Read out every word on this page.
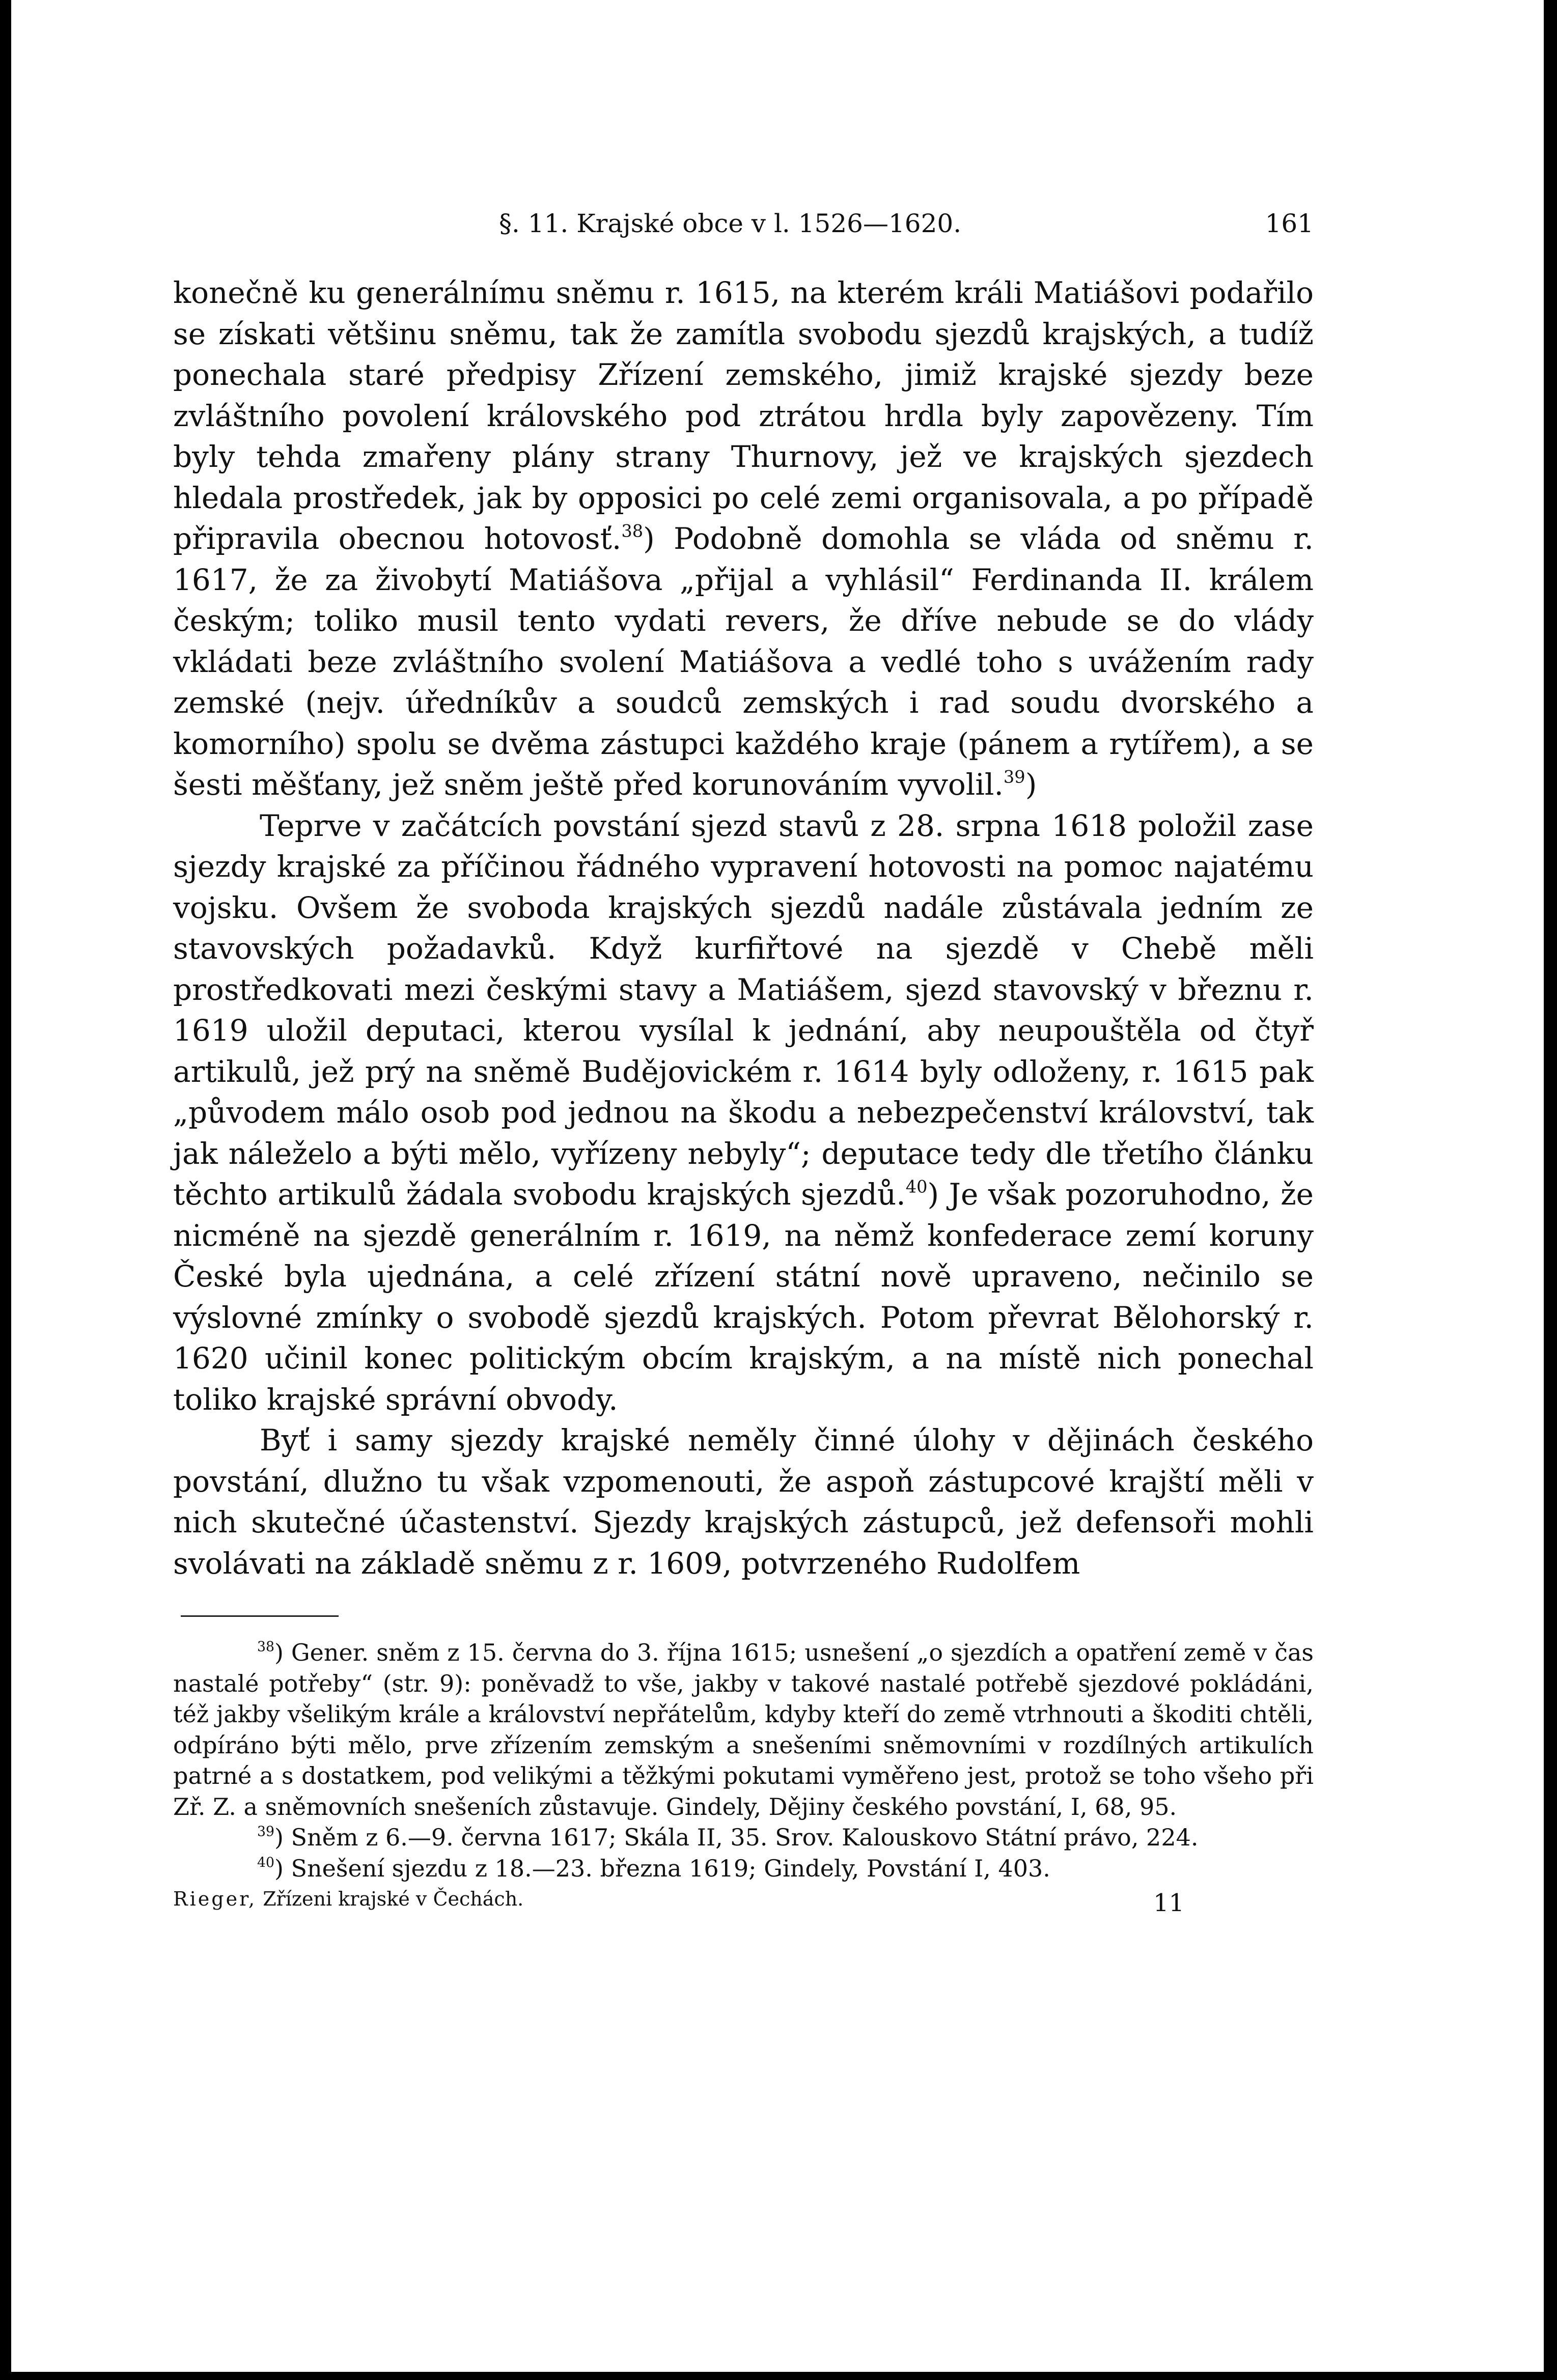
§. 11. Krajské obce v l. 1526—1620.	161

konečně ku generálnímu sněmu r. 1615, na kterém králi Matiášovi podařilo se získati většinu sněmu, tak že zamítla svobodu sjezdů krajských, a tudíž ponechala staré předpisy Zřízení zemského, jimiž krajské sjezdy beze zvláštního povolení královského pod ztrátou hrdla byly zapovězeny. Tím byly tehda zmařeny plány strany Thurnovy, jež ve krajských sjezdech hledala prostředek, jak by opposici po celé zemi organisovala, a po případě připravila obecnou hotovosť.$^{38}$) Podobně domohla se vláda od sněmu r. 1617, že za živobytí Matiášova „přijal a vyhlásil“ Ferdinanda II. králem českým; toliko musil tento vydati revers, že dříve nebude se do vlády vkládati beze zvláštního svolení Matiášova a vedlé toho s uvážením rady zemské (nejv. úředníkův a soudců zemských i rad soudu dvorského a komorního) spolu se dvěma zástupci každého kraje (pánem a rytířem), a se šesti měšťany, jež sněm ještě před korunováním vyvolil.$^{39}$)

Teprve v začátcích povstání sjezd stavů z 28. srpna 1618 položil zase sjezdy krajské za příčinou řádného vypravení hotovosti na pomoc najatému vojsku. Ovšem že svoboda krajských sjezdů nadále zůstávala jedním ze stavovských požadavků. Když kurfiřtové na sjezdě v Chebě měli prostředkovati mezi českými stavy a Matiášem, sjezd stavovský v březnu r. 1619 uložil deputaci, kterou vysílal k jednání, aby neupouštěla od čtyř artikulů, jež prý na sněmě Budějovickém r. 1614 byly odloženy, r. 1615 pak „původem málo osob pod jednou na škodu a nebezpečenství království, tak jak náleželo a býti mělo, vyřízeny nebyly“; deputace tedy dle třetího článku těchto artikulů žádala svobodu krajských sjezdů.$^{40}$) Je však pozoruhodno, že nicméně na sjezdě generálním r. 1619, na němž konfederace zemí koruny České byla ujednána, a celé zřízení státní nově upraveno, nečinilo se výslovné zmínky o svobodě sjezdů krajských. Potom převrat Bělohorský r. 1620 učinil konec politickým obcím krajským, a na místě nich ponechal toliko krajské správní obvody.

Byť i samy sjezdy krajské neměly činné úlohy v dějinách českého povstání, dlužno tu však vzpomenouti, že aspoň zástupcové krajští měli v nich skutečné účastenství. Sjezdy krajských zástupců, jež defensoři mohli svolávati na základě sněmu z r. 1609, potvrzeného Rudolfem

$^{38}$) Gener. sněm z 15. června do 3. října 1615; usnešení „o sjezdích a opatření země v čas nastalé potřeby“ (str. 9): poněvadž to vše, jakby v takové nastalé potřebě sjezdové pokládáni, též jakby všelikým krále a království nepřátelům, kdyby kteří do země vtrhnouti a škoditi chtěli, odpíráno býti mělo, prve zřízením zemským a snešeními sněmovními v rozdílných artikulích patrné a s dostatkem, pod velikými a těžkými pokutami vyměřeno jest, protož se toho všeho při Zř. Z. a sněmovních snešeních zůstavuje. Gindely, Dějiny českého povstání, I, 68, 95.

$^{39}$) Sněm z 6.—9. června 1617; Skála II, 35. Srov. Kalouskovo Státní právo, 224.

$^{40}$) Snešení sjezdu z 18.—23. března 1619; Gindely, Povstání I, 403.

Rieger, Zřízeni krajské v Čechách.	11
